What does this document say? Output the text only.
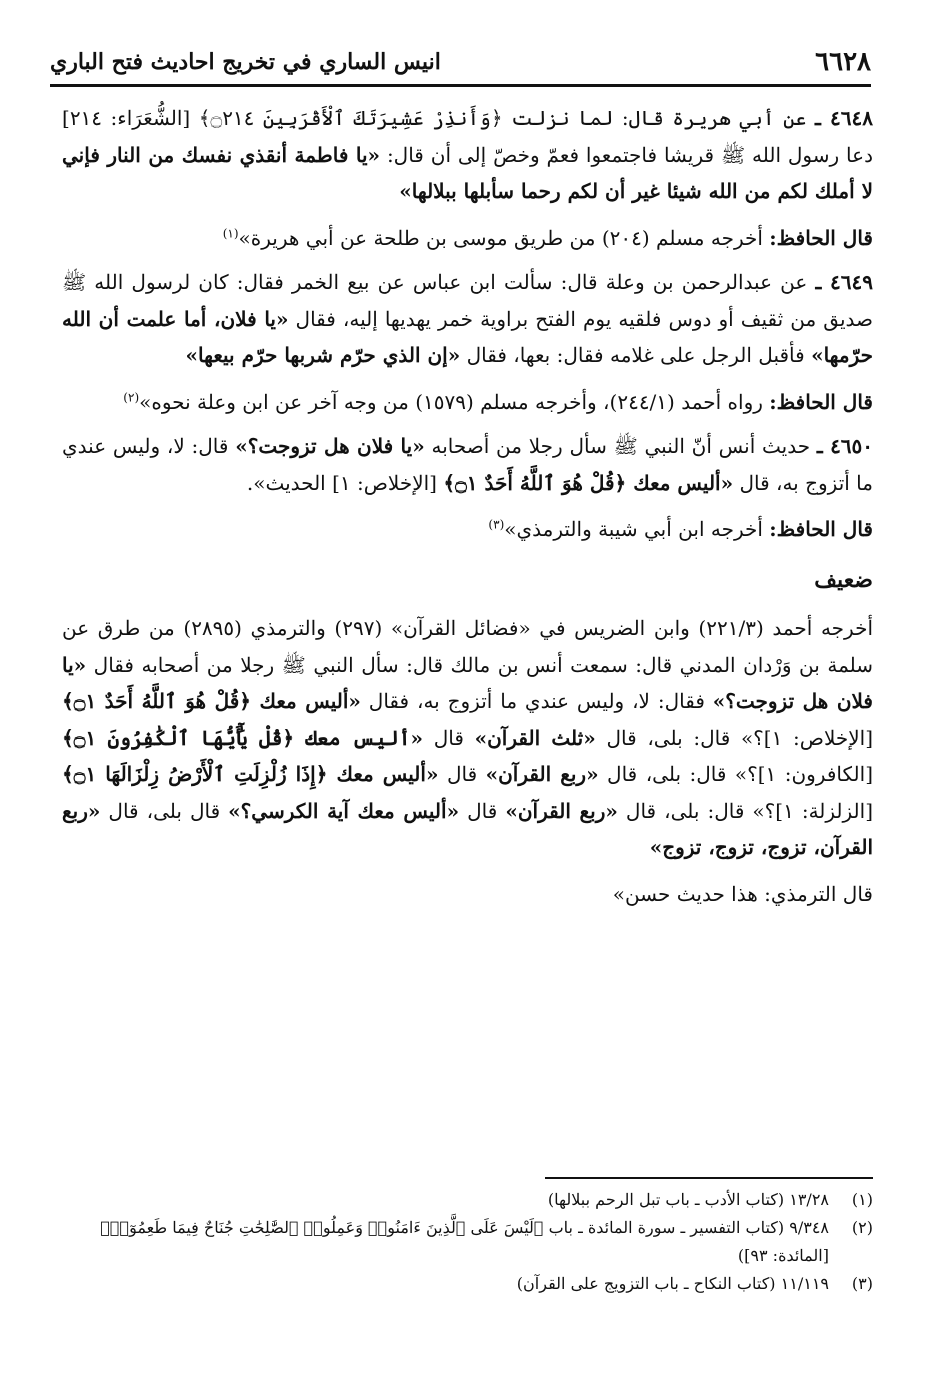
٦٦٢٨
انيس الساري في تخريج احاديث فتح الباري

٤٦٤٨ ـ عن أبي هريرة قال: لما نزلت ﴿وَأَنذِرْ عَشِيرَتَكَ ٱلْأَقْرَبِينَ ۝٢١٤﴾ [الشُّعَرَاء: ٢١٤] دعا رسول الله ﷺ قريشا فاجتمعوا فعمّ وخصّ إلى أن قال: «يا فاطمة أنقذي نفسك من النار فإني لا أملك لكم من الله شيئا غير أن لكم رحما سأبلها ببلالها»

قال الحافظ: أخرجه مسلم (٢٠٤) من طريق موسى بن طلحة عن أبي هريرة»$^{(١)}$

٤٦٤٩ ـ عن عبدالرحمن بن وعلة قال: سألت ابن عباس عن بيع الخمر فقال: كان لرسول الله ﷺ صديق من ثقيف أو دوس فلقيه يوم الفتح براوية خمر يهديها إليه، فقال «يا فلان، أما علمت أن الله حرّمها» فأقبل الرجل على غلامه فقال: بعها، فقال «إن الذي حرّم شربها حرّم بيعها»

قال الحافظ: رواه أحمد (٢٤٤/١)، وأخرجه مسلم (١٥٧٩) من وجه آخر عن ابن وعلة نحوه»$^{(٢)}$

٤٦٥٠ ـ حديث أنس أنّ النبي ﷺ سأل رجلا من أصحابه «يا فلان هل تزوجت؟» قال: لا، وليس عندي ما أتزوج به، قال «أليس معك ﴿قُلْ هُوَ ٱللَّهُ أَحَدٌ ۝١﴾ [الإخلاص: ١] الحديث».

قال الحافظ: أخرجه ابن أبي شيبة والترمذي»$^{(٣)}$

ضعيف

أخرجه أحمد (٢٢١/٣) وابن الضريس في «فضائل القرآن» (٢٩٧) والترمذي (٢٨٩٥) من طرق عن سلمة بن وَرْدان المدني قال: سمعت أنس بن مالك قال: سأل النبي ﷺ رجلا من أصحابه فقال «يا فلان هل تزوجت؟» فقال: لا، وليس عندي ما أتزوج به، فقال «أليس معك ﴿قُلْ هُوَ ٱللَّهُ أَحَدٌ ۝١﴾ [الإخلاص: ١]؟» قال: بلى، قال «ثلث القرآن» قال «أليس معك ﴿قُلْ يَٰٓأَيُّهَا ٱلْكَٰفِرُونَ ۝١﴾ [الكافرون: ١]؟» قال: بلى، قال «ربع القرآن» قال «أليس معك ﴿إِذَا زُلْزِلَتِ ٱلْأَرْضُ زِلْزَالَهَا ۝١﴾ [الزلزلة: ١]؟» قال: بلى، قال «ربع القرآن» قال «أليس معك آية الكرسي؟» قال بلى، قال «ربع القرآن، تزوج، تزوج، تزوج»

قال الترمذي: هذا حديث حسن»

(١)
١٣/٢٨ (كتاب الأدب ـ باب تبل الرحم ببلالها)
(٢)
٩/٣٤٨ (كتاب التفسير ـ سورة المائدة ـ باب ﴿لَيْسَ عَلَى ٱلَّذِينَ ءَامَنُوا۟ وَعَمِلُوا۟ ٱلصَّٰلِحَٰتِ جُنَاحٌ فِيمَا طَعِمُوٓا۟﴾
[المائدة: ٩٣])
(٣)
١١/١١٩ (كتاب النكاح ـ باب التزويج على القرآن)
